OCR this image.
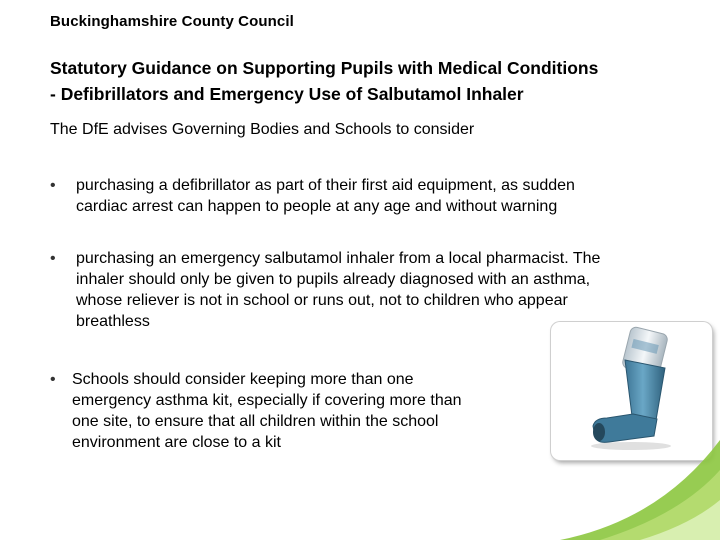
Buckinghamshire County Council
Statutory Guidance on Supporting Pupils with Medical Conditions
- Defibrillators and Emergency Use of Salbutamol Inhaler
The DfE advises Governing Bodies and Schools to consider
• purchasing a defibrillator as part of their first aid equipment, as sudden
cardiac arrest can happen to people at any age and without warning
• purchasing an emergency salbutamol inhaler from a local pharmacist. The
inhaler should only be given to pupils already diagnosed with an asthma,
whose reliever is not in school or runs out, not to children who appear
breathless
• Schools should consider keeping more than one
emergency asthma kit, especially if covering more than
one site, to ensure that all children within the school
environment are close to a kit
